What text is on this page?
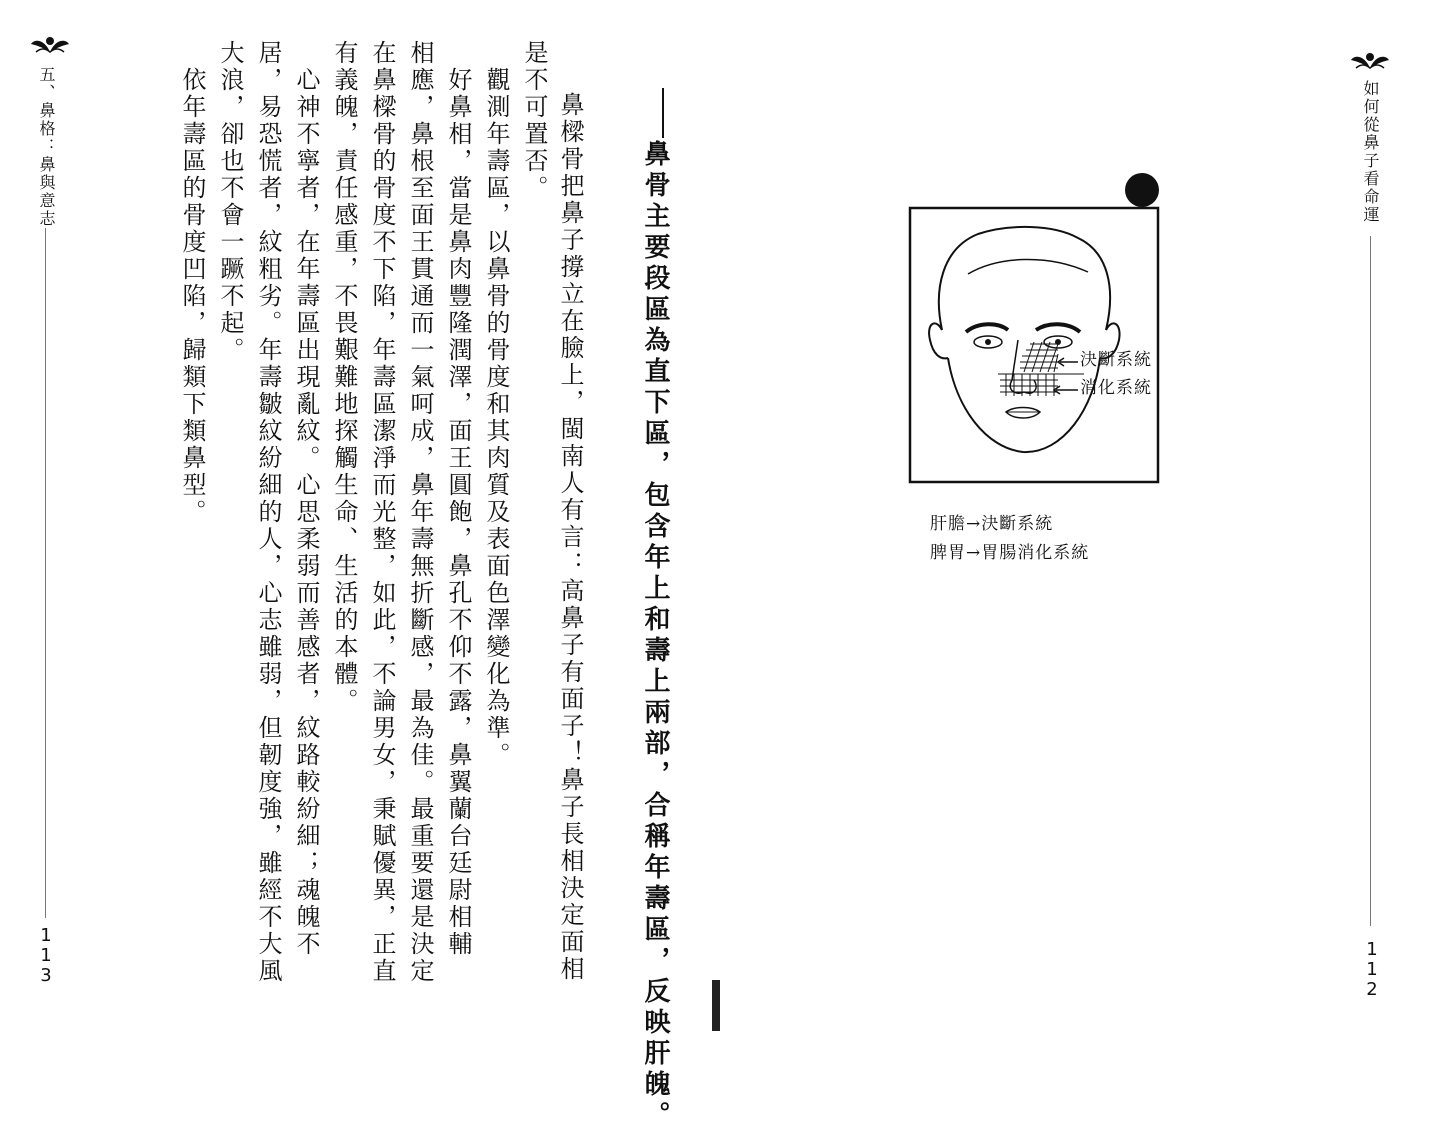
五、鼻格：鼻與意志
1
1
3	鼻樑骨把鼻子撐立在臉上，閩南人有言：高鼻子有面子！鼻子長相決定面相
是不可置否。
　觀測年壽區，以鼻骨的骨度和其肉質及表面色澤變化為準。
　好鼻相，當是鼻肉豐隆潤澤，面王圓飽，鼻孔不仰不露，鼻翼蘭台廷尉相輔
相應，鼻根至面王貫通而一氣呵成，鼻年壽無折斷感，最為佳。最重要還是決定
在鼻樑骨的骨度不下陷，年壽區潔淨而光整，如此，不論男女，秉賦優異，正直
有義魄，責任感重，不畏艱難地探觸生命、生活的本體。
　心神不寧者，在年壽區出現亂紋。心思柔弱而善感者，紋路較紛細；魂魄不
居，易恐慌者，紋粗劣。年壽皺紋紛細的人，心志雖弱，但韌度強，雖經不大風
大浪，卻也不會一蹶不起。
　依年壽區的骨度凹陷，歸類下類鼻型。	如何從鼻子看命運
1
1
2
鼻骨主要段區為直下區，包含年上和壽上兩部，合稱年壽區，反映肝魄。	決斷系統
消化系統
肝膽→決斷系統
脾胃→胃腸消化系統
